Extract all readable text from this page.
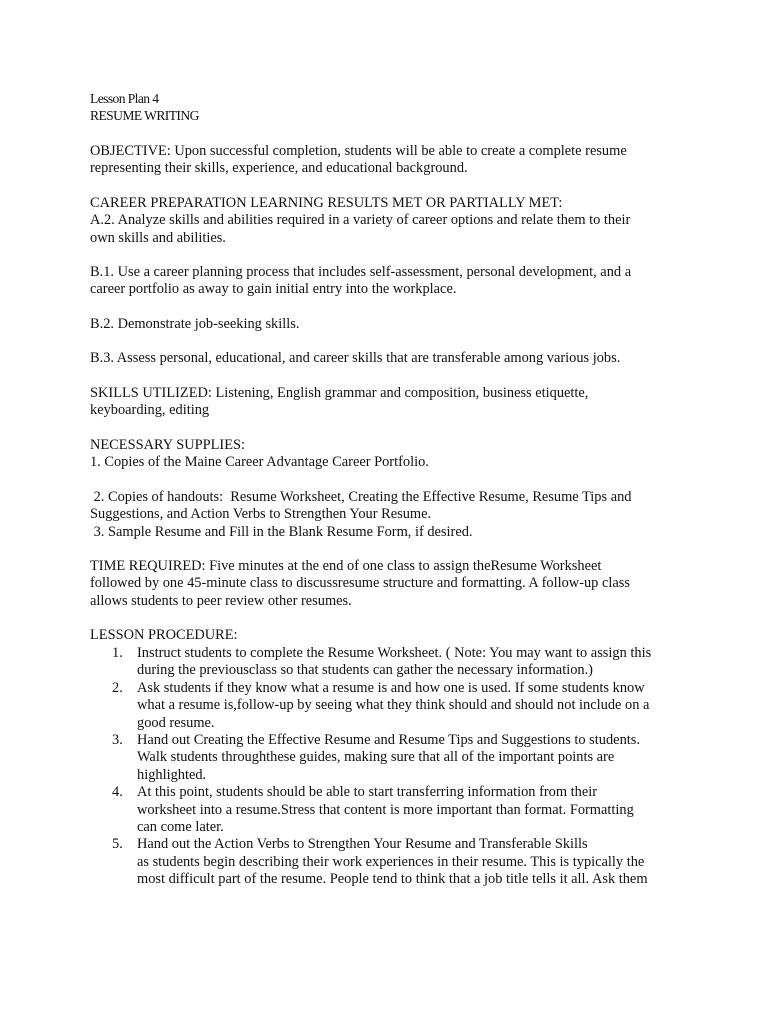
Lesson Plan 4
RESUME WRITING
OBJECTIVE: Upon successful completion, students will be able to create a complete resume
representing their skills, experience, and educational background.
CAREER PREPARATION LEARNING RESULTS MET OR PARTIALLY MET:
A.2. Analyze skills and abilities required in a variety of career options and relate them to their
own skills and abilities.
B.1. Use a career planning process that includes self-assessment, personal development, and a
career portfolio as away to gain initial entry into the workplace.
B.2. Demonstrate job-seeking skills.
B.3. Assess personal, educational, and career skills that are transferable among various jobs.
SKILLS UTILIZED: Listening, English grammar and composition, business etiquette,
keyboarding, editing
NECESSARY SUPPLIES:
1. Copies of the Maine Career Advantage Career Portfolio.
2. Copies of handouts:  Resume Worksheet, Creating the Effective Resume, Resume Tips and
Suggestions, and Action Verbs to Strengthen Your Resume.
3. Sample Resume and Fill in the Blank Resume Form, if desired.
TIME REQUIRED: Five minutes at the end of one class to assign theResume Worksheet
followed by one 45-minute class to discussresume structure and formatting. A follow-up class
allows students to peer review other resumes.
LESSON PROCEDURE:
1. Instruct students to complete the Resume Worksheet. ( Note: You may want to assign this
during the previousclass so that students can gather the necessary information.)
2. Ask students if they know what a resume is and how one is used. If some students know
what a resume is,follow-up by seeing what they think should and should not include on a
good resume.
3. Hand out Creating the Effective Resume and Resume Tips and Suggestions to students.
Walk students throughthese guides, making sure that all of the important points are
highlighted.
4. At this point, students should be able to start transferring information from their
worksheet into a resume.Stress that content is more important than format. Formatting
can come later.
5. Hand out the Action Verbs to Strengthen Your Resume and Transferable Skills
as students begin describing their work experiences in their resume. This is typically the
most difficult part of the resume. People tend to think that a job title tells it all. Ask them
